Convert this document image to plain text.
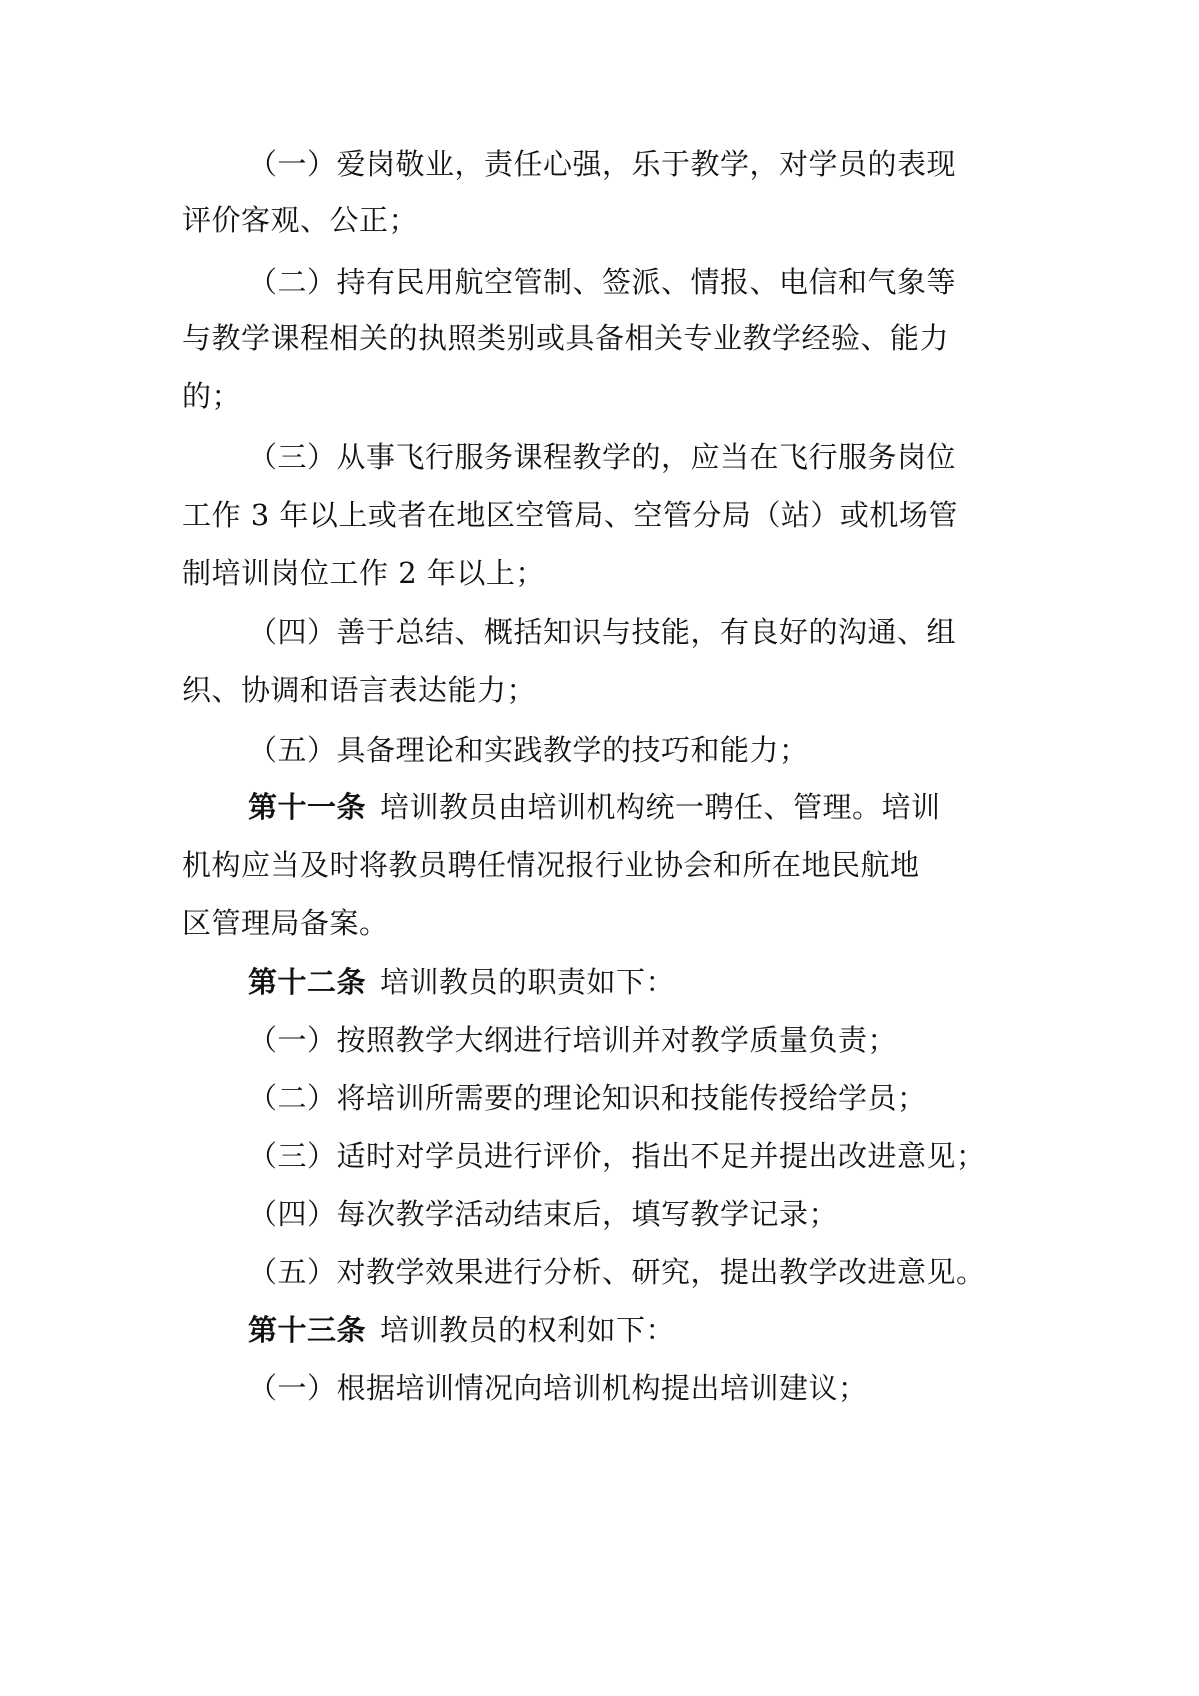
（一）爱岗敬业，责任心强，乐于教学，对学员的表现
评价客观、公正；
（二）持有民用航空管制、签派、情报、电信和气象等
与教学课程相关的执照类别或具备相关专业教学经验、能力
的；
（三）从事飞行服务课程教学的，应当在飞行服务岗位
工作 3 年以上或者在地区空管局、空管分局（站）或机场管
制培训岗位工作 2 年以上；
（四）善于总结、概括知识与技能，有良好的沟通、组
织、协调和语言表达能力；
（五）具备理论和实践教学的技巧和能力；
第十一条 培训教员由培训机构统一聘任、管理。培训
机构应当及时将教员聘任情况报行业协会和所在地民航地
区管理局备案。
第十二条 培训教员的职责如下：
（一）按照教学大纲进行培训并对教学质量负责；
（二）将培训所需要的理论知识和技能传授给学员；
（三）适时对学员进行评价，指出不足并提出改进意见；
（四）每次教学活动结束后，填写教学记录；
（五）对教学效果进行分析、研究，提出教学改进意见。
第十三条 培训教员的权利如下：
（一）根据培训情况向培训机构提出培训建议；
